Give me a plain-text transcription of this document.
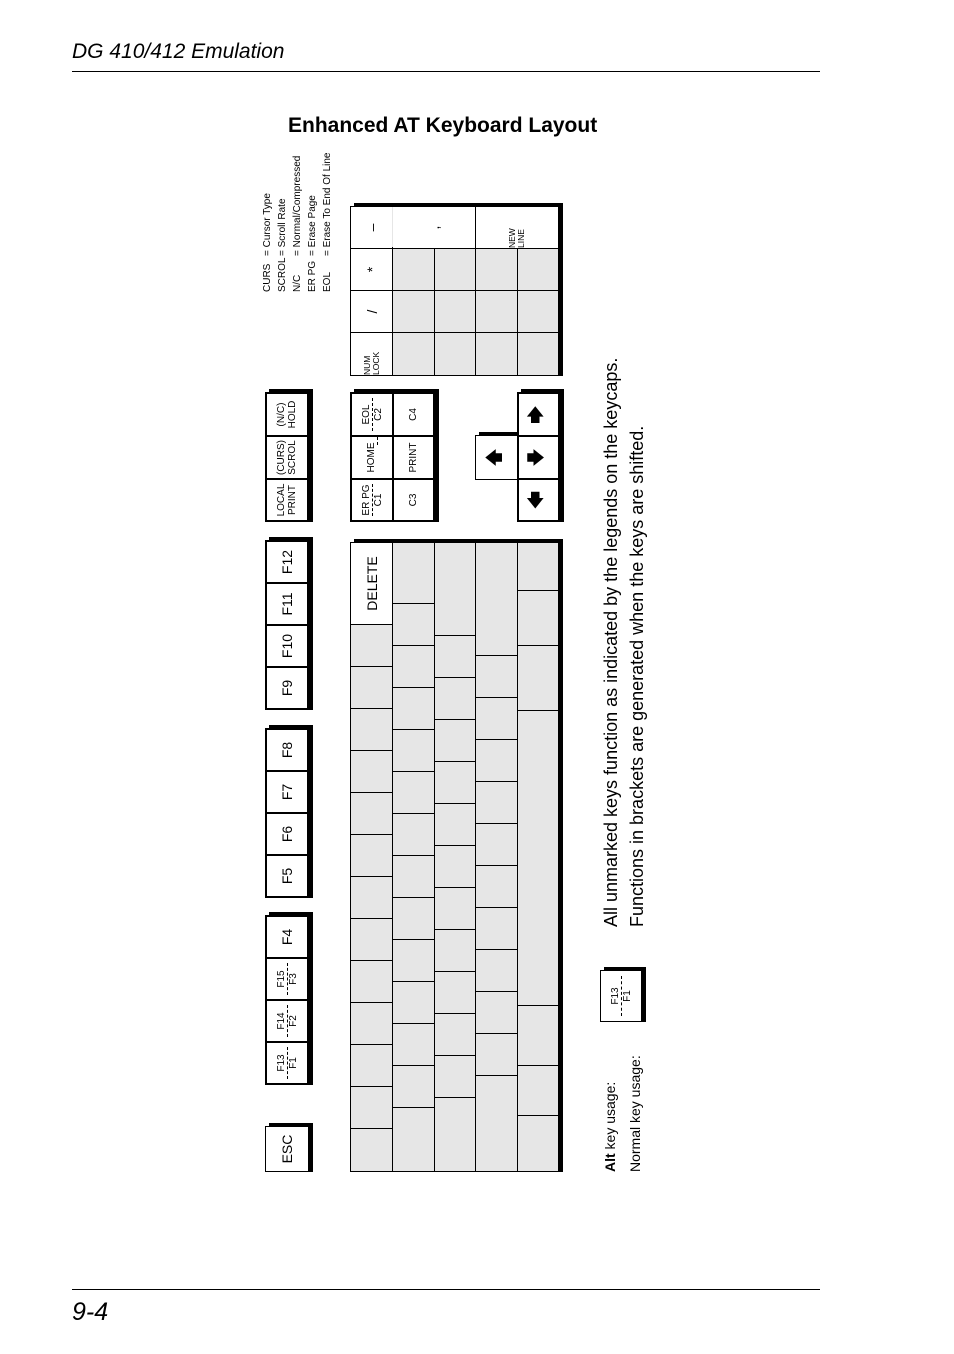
DG 410/412 Emulation
Enhanced AT Keyboard Layout
ESC
F13 F1
F14 F2
F15 F3
F4
F5
F6
F7
F8
F9
F10
F11
F12
LOCAL PRINT
(CURS) SCROL
(N/C) HOLD
CURS= Cursor Type
SCROL= Scroll Rate
N/C= Normal/Compressed
ER PG= Erase Page
EOL= Erase To End Of Line
DELETE
ER PG C1
HOME
EOL C2
C3
PRINT
C4
🡅
🡄
🡇
🡆
NUM LOCK
/
*
–	,
NEW LINE
All unmarked keys function as indicated by the legends on the keycaps. Functions in brackets are generated when the keys are shifted.
Alt key usage: Normal key usage:
F13 F1
9-4
